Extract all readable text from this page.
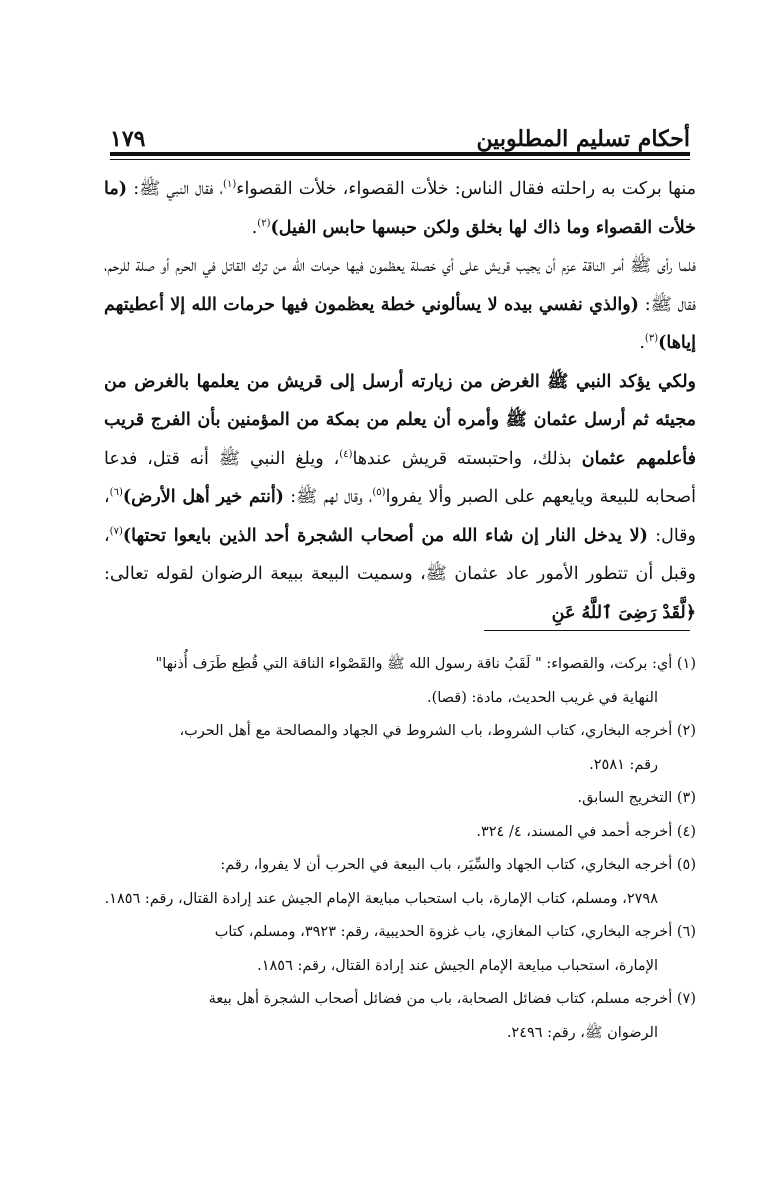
أحكام تسليم المطلوبين
١٧٩

منها بركت به راحلته فقال الناس: خلأت القصواء، خلأت القصواء$^{(١)}$، فقال النبي ﷺ: (ما خلأت القصواء وما ذاك لها بخلق ولكن حبسها حابس الفيل)$^{(٢)}$.

فلما رأى ﷺ أمر الناقة عزم أن يجيب قريش على أي خصلة يعظمون فيها حرمات الله من ترك القاتل في الحرم أو صلة للرحم، فقال ﷺ: (والذي نفسي بيده لا يسألوني خطة يعظمون فيها حرمات الله إلا أعطيتهم إياها)$^{(٣)}$.

ولكي يؤكد النبي ﷺ الغرض من زيارته أرسل إلى قريش من يعلمها بالغرض من مجيئه ثم أرسل عثمان ﷺ وأمره أن يعلم من بمكة من المؤمنين بأن الفرج قريب فأعلمهم عثمان بذلك، واحتبسته قريش عندها$^{(٤)}$، ويلغ النبي ﷺ أنه قتل، فدعا أصحابه للبيعة ويايعهم على الصبر وألا يفروا$^{(٥)}$، وقال لهم ﷺ: (أنتم خير أهل الأرض)$^{(٦)}$، وقال: (لا يدخل النار إن شاء الله من أصحاب الشجرة أحد الذين بايعوا تحتها)$^{(٧)}$، وقبل أن تتطور الأمور عاد عثمان ﷺ، وسميت البيعة ببيعة الرضوان لقوله تعالى: ﴿لَّقَدْ رَضِىَ ٱللَّهُ عَنِ

(١) أي: بركت، والقصواء: " لَقَبُ ناقة رسول الله ﷺ والقَصْواء الناقة التي قُطِع طَرَف أُذنها"
النهاية في غريب الحديث، مادة: (قصا).

(٢) أخرجه البخاري، كتاب الشروط، باب الشروط في الجهاد والمصالحة مع أهل الحرب،
رقم: ٢٥٨١.

(٣) التخريج السابق.

(٤) أخرجه أحمد في المسند، ٤/ ٣٢٤.

(٥) أخرجه البخاري، كتاب الجهاد والسِّيَر، باب البيعة في الحرب أن لا يفروا، رقم:
٢٧٩٨، ومسلم، كتاب الإمارة، باب استحباب مبايعة الإمام الجيش عند إرادة القتال، رقم: ١٨٥٦.

(٦) أخرجه البخاري، كتاب المغازي، باب غزوة الحديبية، رقم: ٣٩٢٣، ومسلم، كتاب
الإمارة، استحباب مبايعة الإمام الجيش عند إرادة القتال، رقم: ١٨٥٦.

(٧) أخرجه مسلم، كتاب فضائل الصحابة، باب من فضائل أصحاب الشجرة أهل بيعة
الرضوان ﷺ، رقم: ٢٤٩٦.
